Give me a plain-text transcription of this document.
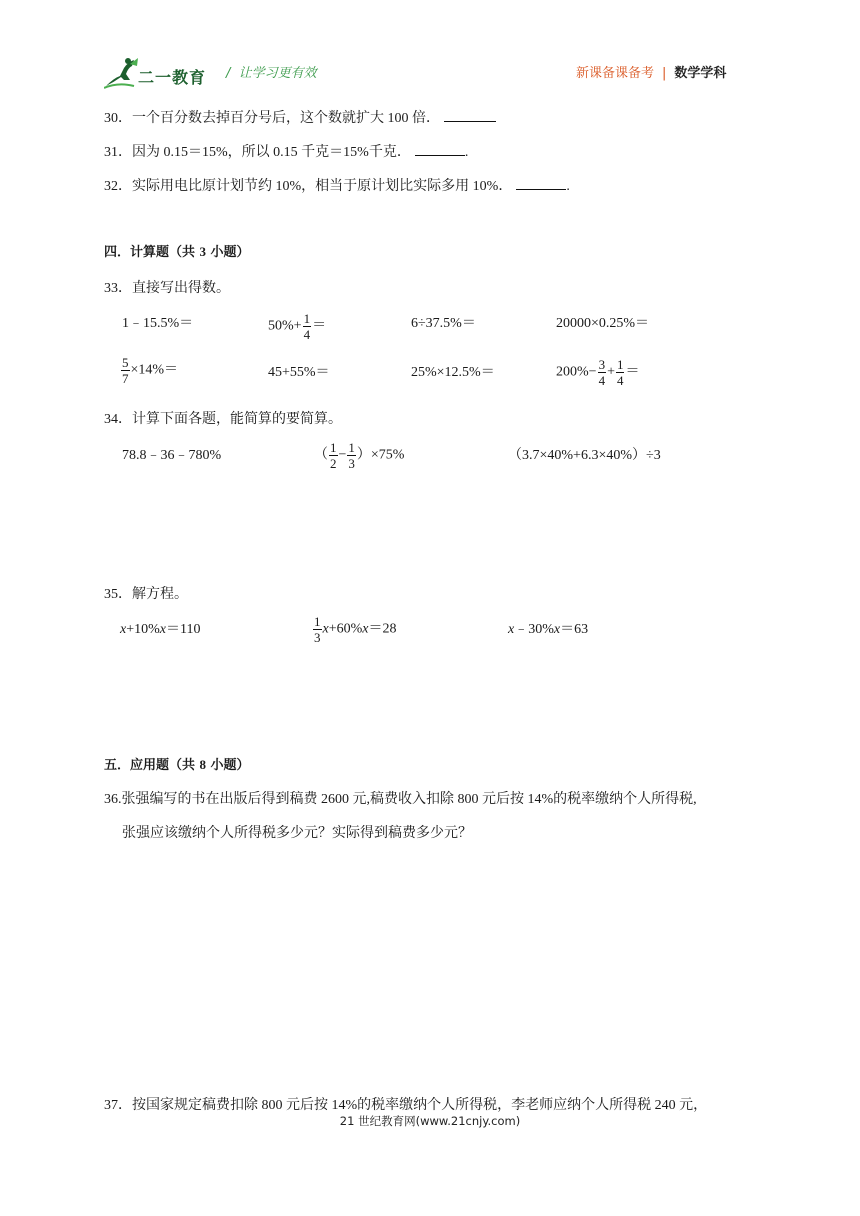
二一教育 /  让学习更有效	新课备课备考 | 数学学科
30．一个百分数去掉百分号后，这个数就扩大 100 倍．
31．因为 0.15＝15%，所以 0.15 千克＝15%千克．	.
32．实际用电比原计划节约 10%，相当于原计划比实际多用 10%．	.
四．计算题（共 3 小题）
33．直接写出得数。
1﹣15.5%＝	$50\%+ \frac{1}{4}$ ＝	6÷37.5%＝	20000×0.25%＝
$\frac{5}{7} \times 14\%=$	45+55%＝	25%×12.5%＝	$200\%- \frac{3}{4} + \frac{1}{4}$ ＝
34．计算下面各题，能简算的要简算。
78.8﹣36﹣780%	（ $\frac{1}{2} - \frac{1}{3} )\times 75\%$	（3.7×40%+6.3×40%）÷3
35．解方程。
x+10%x＝110	$\frac{1}{3} x+60\%x=28$	x﹣30%x＝63
五．应用题（共 8 小题）
36.张强编写的书在出版后得到稿费 2600 元,稿费收入扣除 800 元后按 14%的税率缴纳个人所得税,
张强应该缴纳个人所得税多少元？实际得到稿费多少元？
37．按国家规定稿费扣除 800 元后按 14%的税率缴纳个人所得税，李老师应纳个人所得税 240 元，
21 世纪教育网(www.21cnjy.com)
